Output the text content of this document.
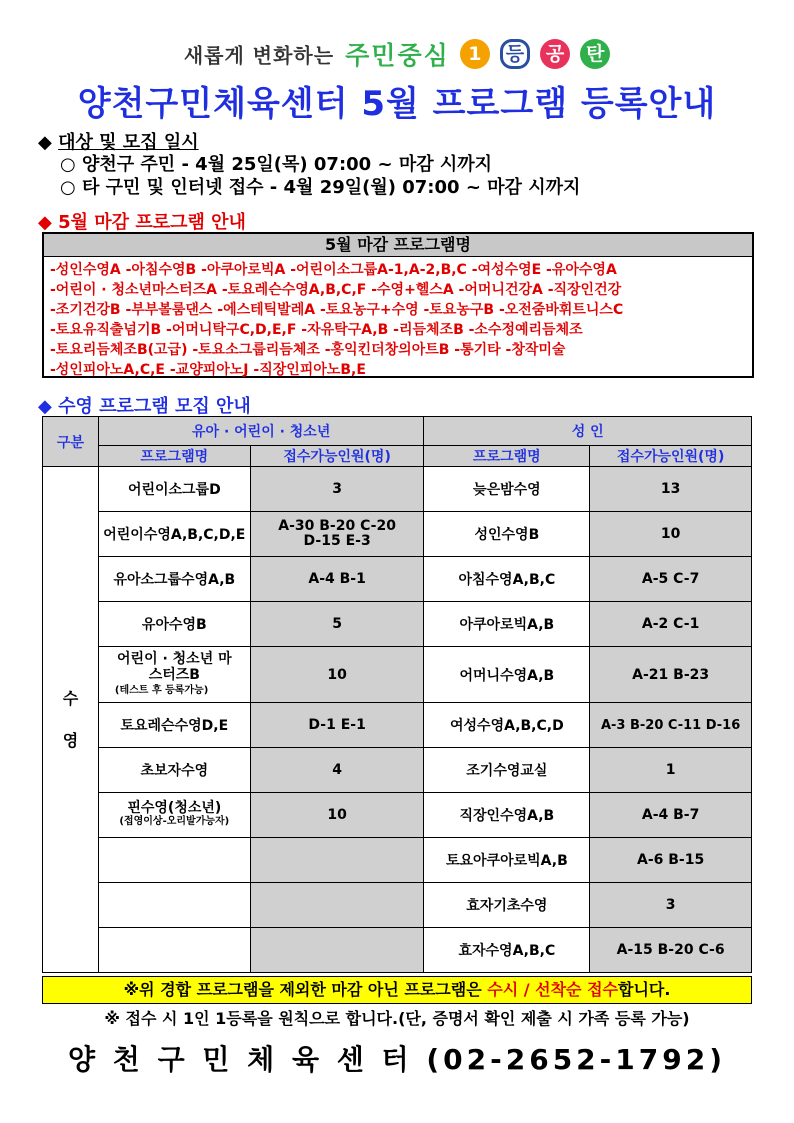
새롭게 변화하는 주민중심 1 등 공 탄
양천구민체육센터 5월 프로그램 등록안내
◆ 대상 및 모집 일시
○ 양천구 주민 - 4월 25일(목) 07:00 ~ 마감 시까지
○ 타 구민 및 인터넷 접수 - 4월 29일(월) 07:00 ~ 마감 시까지
◆ 5월 마감 프로그램 안내
5월 마감 프로그램명
-성인수영A -아침수영B -아쿠아로빅A -어린이소그룹A-1,A-2,B,C -여성수영E -유아수영A
-어린이 · 청소년마스터즈A -토요레슨수영A,B,C,F -수영+헬스A -어머니건강A -직장인건강
-조기건강B -부부볼룸댄스 -에스테틱발레A -토요농구+수영 -토요농구B -오전줌바휘트니스C
-토요유직출넘기B -어머니탁구C,D,E,F -자유탁구A,B -리듬체조B -소수정예리듬체조
-토요리듬체조B(고급) -토요소그룹리듬체조 -홍익킨더창의아트B -통기타 -창작미술
-성인피아노A,C,E -교양피아노J -직장인피아노B,E
◆ 수영 프로그램 모집 안내
구분	유아 · 어린이 · 청소년		성 인	
	프로그램명	접수가능인원(명)	프로그램명	접수가능인원(명)

수
영	어린이소그룹D	3	늦은밤수영	13
	어린이수영A,B,C,D,E	A-30 B-20 C-20 D-15 E-3	성인수영B	10
	유아소그룹수영A,B	A-4 B-1	아침수영A,B,C	A-5 C-7
	유아수영B	5	아쿠아로빅A,B	A-2 C-1

	어린이 · 청소년 마스터즈B
(테스트 후 등록가능)	10	어머니수영A,B	A-21 B-23
	토요레슨수영D,E	D-1 E-1	여성수영A,B,C,D	A-3 B-20 C-11 D-16
	초보자수영	4	조기수영교실	1

	핀수영(청소년)
(접영이상-오리발가능자)	10	직장인수영A,B	A-4 B-7
			토요아쿠아로빅A,B	A-6 B-15
			효자기초수영	3
			효자수영A,B,C	A-15 B-20 C-6
※위 경합 프로그램을 제외한 마감 아닌 프로그램은 수시 / 선착순 접수합니다.
※ 접수 시 1인 1등록을 원칙으로 합니다.(단, 증명서 확인 제출 시 가족 등록 가능)
양 천 구 민 체 육 센 터 (02-2652-1792)
